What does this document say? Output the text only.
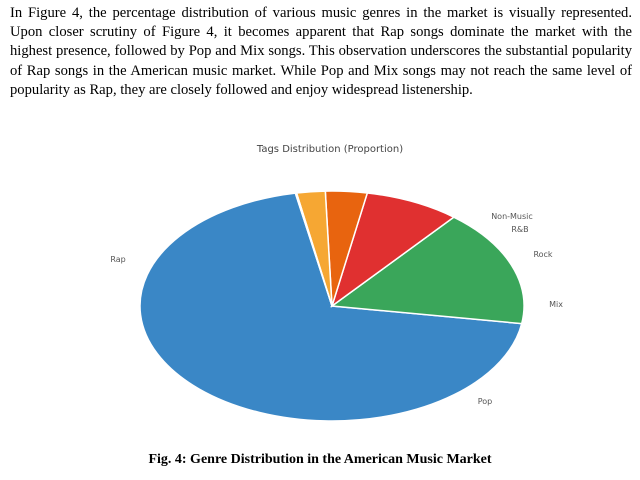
In Figure 4, the percentage distribution of various music genres in the market is visually represented. Upon closer scrutiny of Figure 4, it becomes apparent that Rap songs dominate the market with the highest presence, followed by Pop and Mix songs. This observation underscores the substantial popularity of Rap songs in the American music market. While Pop and Mix songs may not reach the same level of popularity as Rap, they are closely followed and enjoy widespread listenership.

Tags Distribution (Proportion)
Rap
Pop
Mix
Rock
R&B
Non-Music
Fig. 4: Genre Distribution in the American Music Market
